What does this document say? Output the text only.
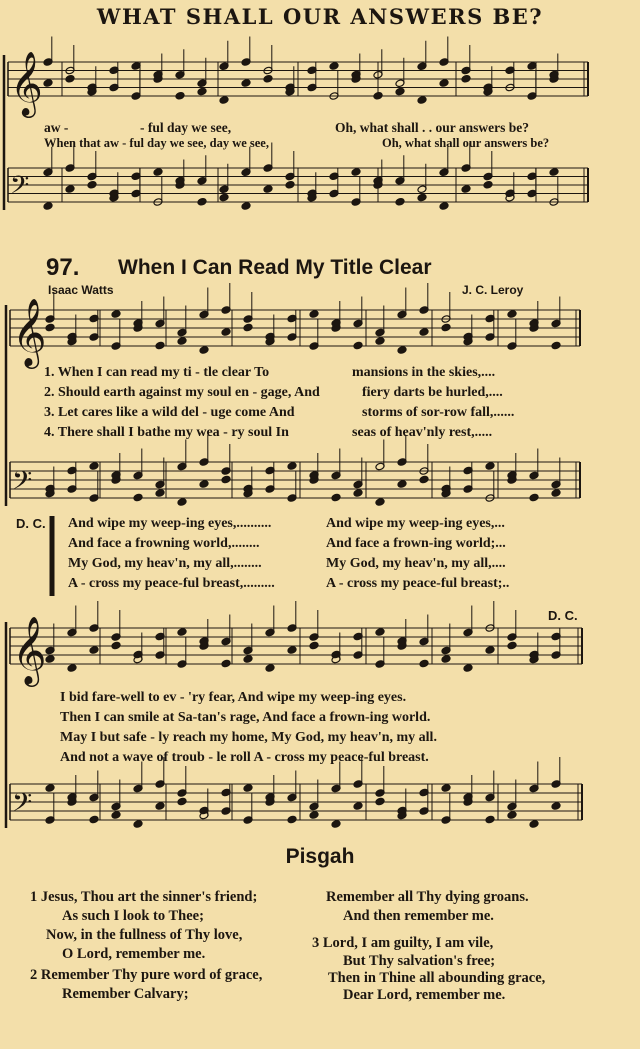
𝄞
𝄢
𝄞
𝄢
𝄞
𝄢
WHAT SHALL OUR ANSWERS BE?
aw -	- ful day we see,	Oh, what shall . . our answers be?
When that aw - ful day we see, day we see,	Oh, what shall our answers be?
97. When I Can Read My Title Clear
Isaac Watts	J. C. Leroy
1. When I can read my ti - tle clear To	mansions in the skies,....
2. Should earth against my soul en - gage, And	fiery darts be hurled,....
3. Let cares like a wild del - uge come And	storms of sor-row fall,......
4. There shall I bathe my wea - ry soul In	seas of heav'nly rest,.....
D. C. And wipe my weep-ing eyes,..........	And wipe my weep-ing eyes,...
And face a frowning world,........	And face a frown-ing world;...
My God, my heav'n, my all,........	My God, my heav'n, my all,....
A - cross my peace-ful breast,.........	A - cross my peace-ful breast;..
D. C.
I bid fare-well to ev - 'ry fear, And wipe my weep-ing eyes.
Then I can smile at Sa-tan's rage, And face a frown-ing world.
May I but safe - ly reach my home, My God, my heav'n, my all.
And not a wave of troub - le roll A - cross my peace-ful breast.
Pisgah
1 Jesus, Thou art the sinner's friend;
As such I look to Thee;
Now, in the fullness of Thy love,
O Lord, remember me.
2 Remember Thy pure word of grace,
Remember Calvary;
Remember all Thy dying groans.
And then remember me.
3 Lord, I am guilty, I am vile,
But Thy salvation's free;
Then in Thine all abounding grace,
Dear Lord, remember me.
